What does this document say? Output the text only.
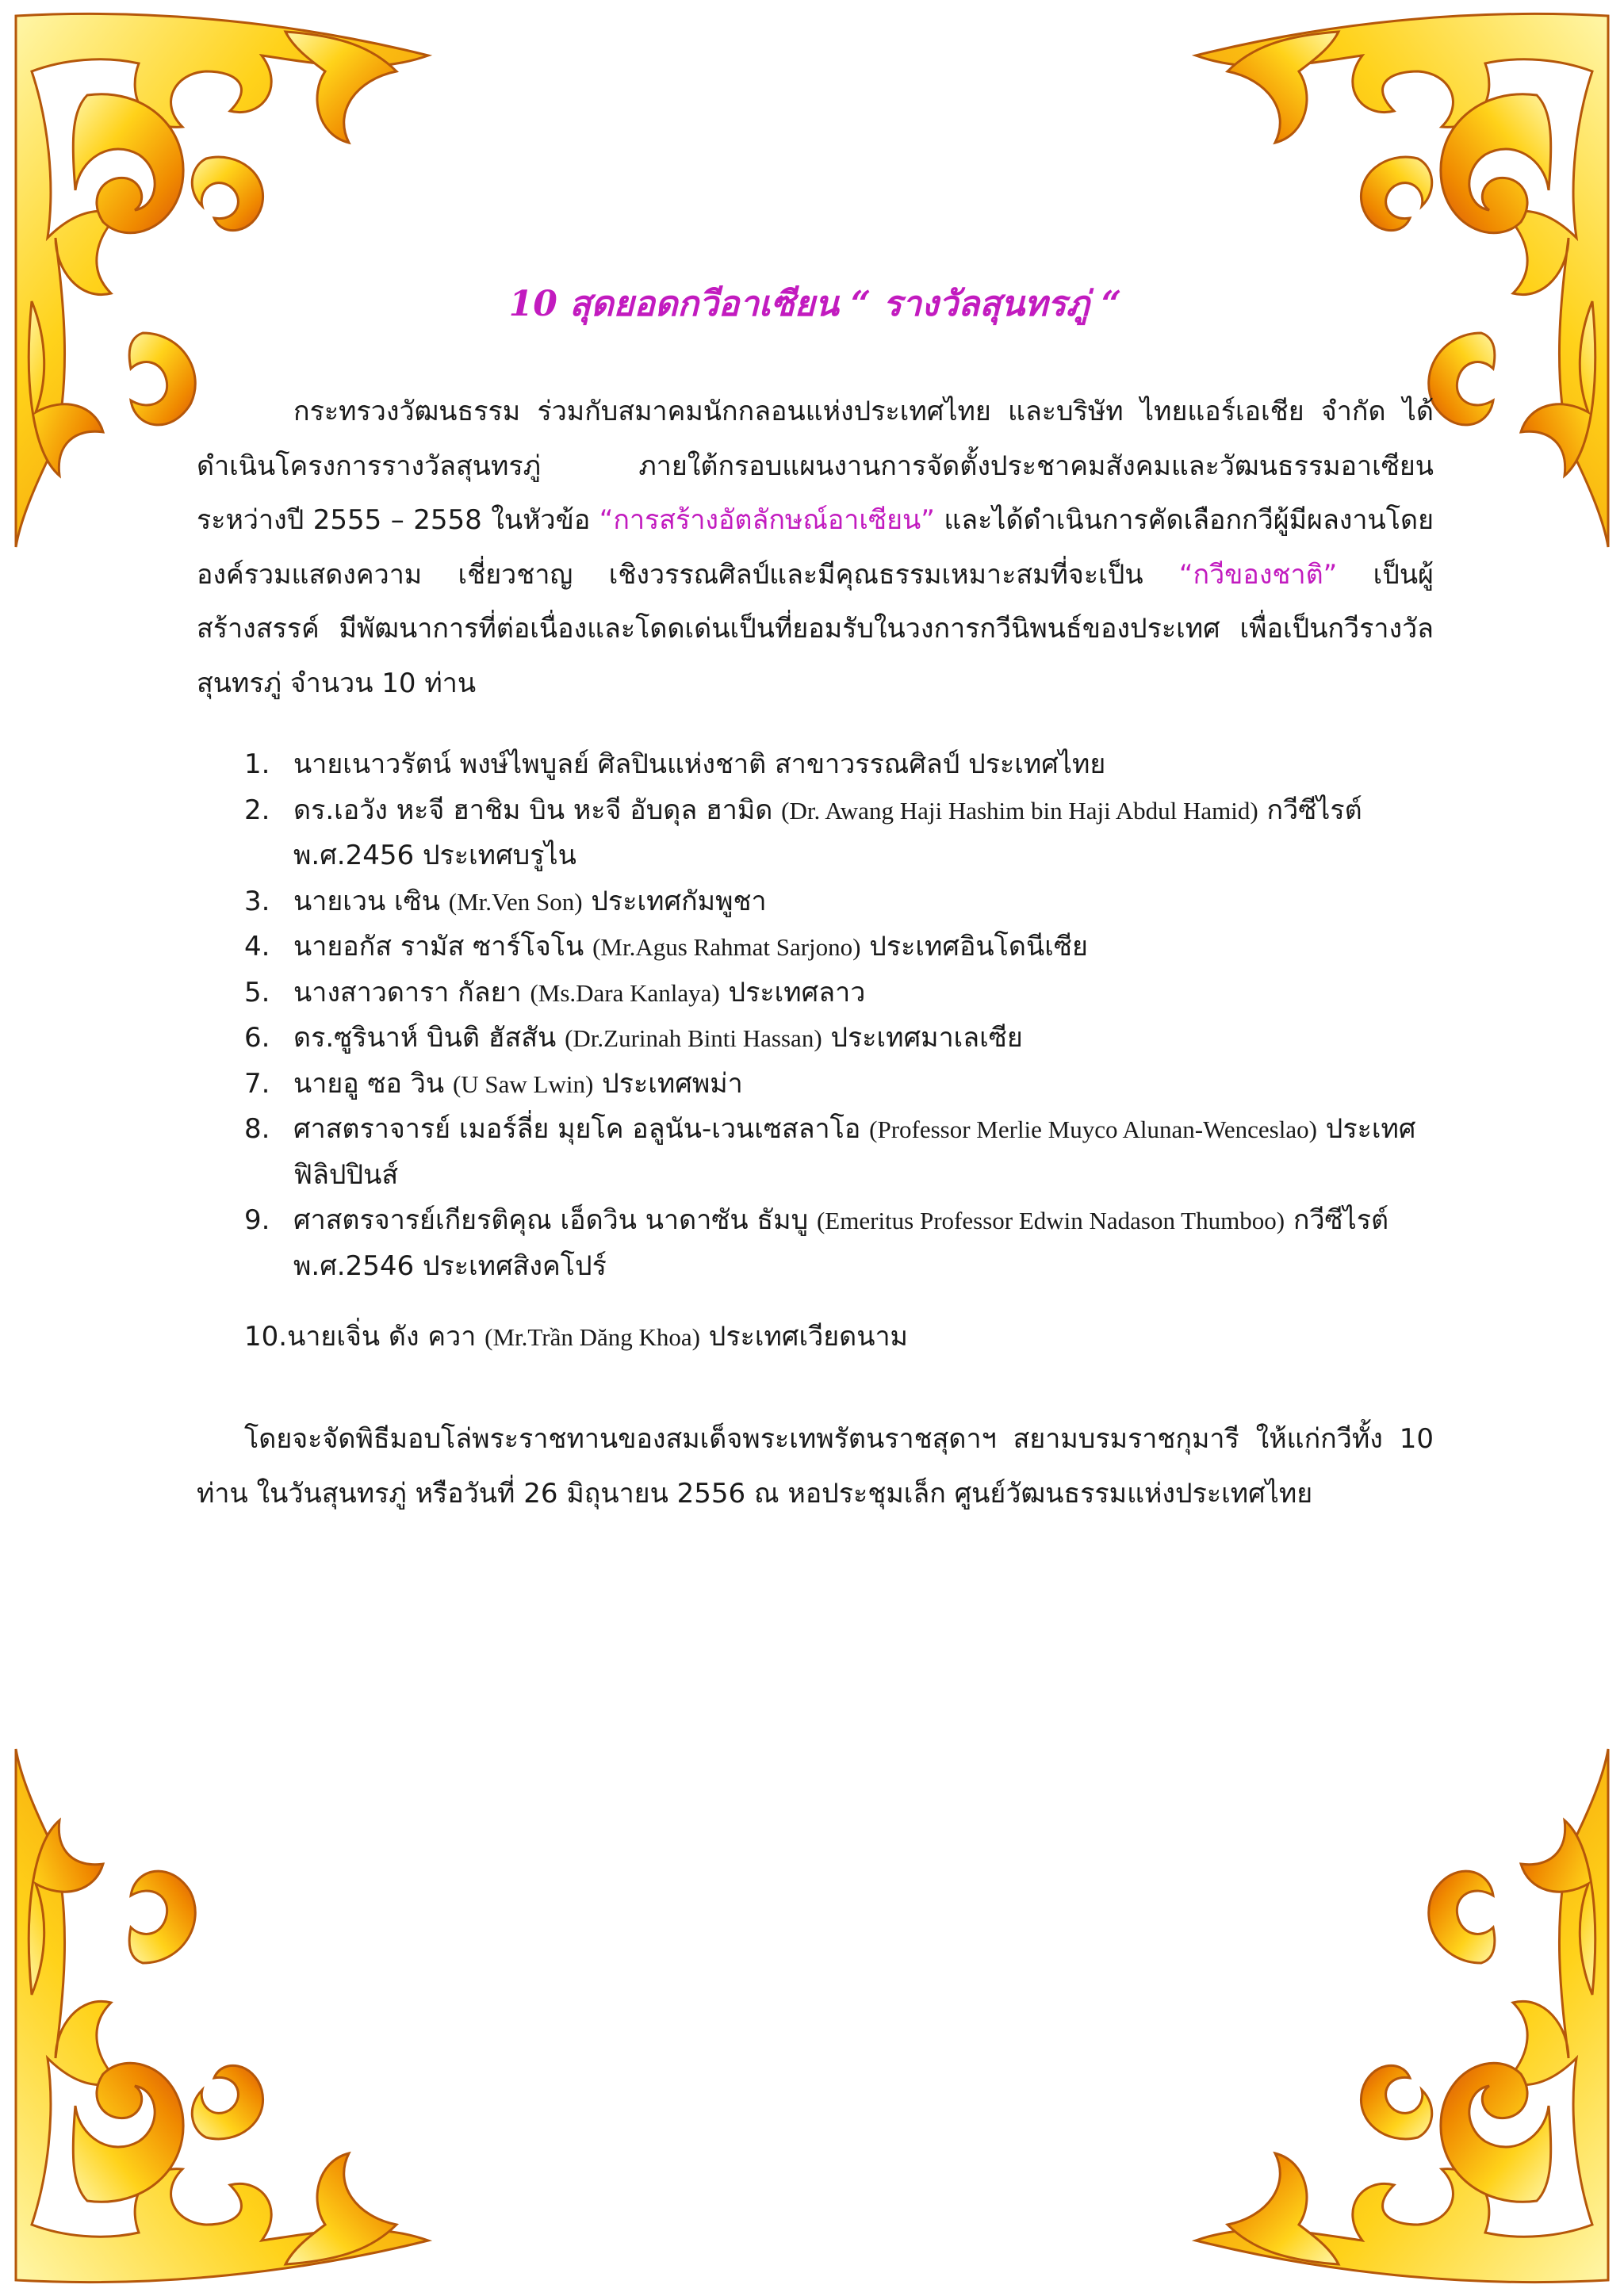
10 สุดยอดกวีอาเซียน “ รางวัลสุนทรภู่ “

กระทรวงวัฒนธรรม ร่วมกับสมาคมนักกลอนแห่งประเทศไทย และบริษัท ไทยแอร์เอเชีย จำกัด ได้ดำเนินโครงการรางวัลสุนทรภู่ ภายใต้กรอบแผนงานการจัดตั้งประชาคมสังคมและวัฒนธรรมอาเซียน ระหว่างปี 2555 – 2558 ในหัวข้อ “การสร้างอัตลักษณ์อาเซียน” และได้ดำเนินการคัดเลือกกวีผู้มีผลงานโดยองค์รวมแสดงความ เชี่ยวชาญ เชิงวรรณศิลป์และมีคุณธรรมเหมาะสมที่จะเป็น “กวีของชาติ” เป็นผู้สร้างสรรค์ มีพัฒนาการที่ต่อเนื่องและโดดเด่นเป็นที่ยอมรับในวงการกวีนิพนธ์ของประเทศ เพื่อเป็นกวีรางวัลสุนทรภู่ จำนวน 10 ท่าน

1. นายเนาวรัตน์ พงษ์ไพบูลย์ ศิลปินแห่งชาติ สาขาวรรณศิลป์ ประเทศไทย
2. ดร.เอวัง หะจี ฮาชิม บิน หะจี อับดุล ฮามิด (Dr. Awang Haji Hashim bin Haji Abdul Hamid) กวีซีไรต์ พ.ศ.2456 ประเทศบรูไน
3. นายเวน เซิน (Mr.Ven Son) ประเทศกัมพูชา
4. นายอกัส รามัส ซาร์โจโน (Mr.Agus Rahmat Sarjono) ประเทศอินโดนีเซีย
5. นางสาวดารา กัลยา (Ms.Dara Kanlaya) ประเทศลาว
6. ดร.ซูรินาห์ บินติ ฮัสสัน (Dr.Zurinah Binti Hassan) ประเทศมาเลเซีย
7. นายอู ซอ วิน (U Saw Lwin) ประเทศพม่า
8. ศาสตราจารย์ เมอร์ลี่ย มุยโค อลูนัน-เวนเซสลาโอ (Professor Merlie Muyco Alunan-Wenceslao) ประเทศฟิลิปปินส์
9. ศาสตรจารย์เกียรติคุณ เอ็ดวิน นาดาซัน ธัมบู (Emeritus Professor Edwin Nadason Thumboo) กวีซีไรต์ พ.ศ.2546 ประเทศสิงคโปร์
10. นายเจิ่น ดัง ควา (Mr.Trần Dăng Khoa) ประเทศเวียดนาม

โดยจะจัดพิธีมอบโล่พระราชทานของสมเด็จพระเทพรัตนราชสุดาฯ สยามบรมราชกุมารี ให้แก่กวีทั้ง 10 ท่าน ในวันสุนทรภู่ หรือวันที่ 26 มิถุนายน 2556 ณ หอประชุมเล็ก ศูนย์วัฒนธรรมแห่งประเทศไทย
